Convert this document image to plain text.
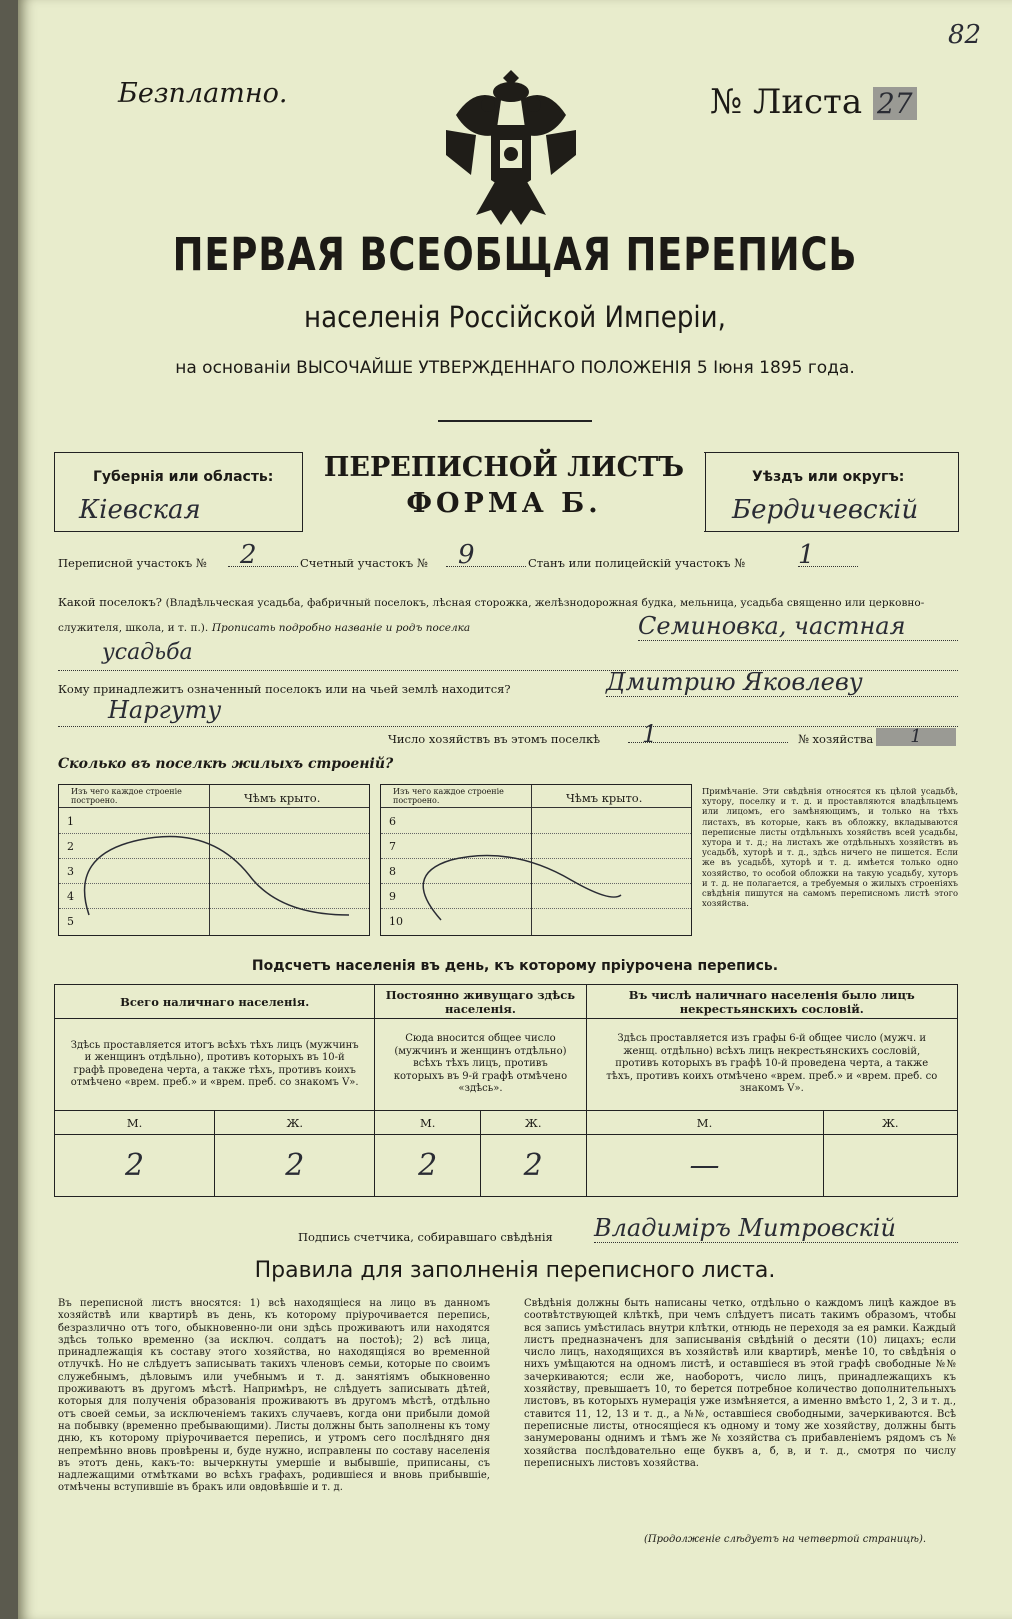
82
Безплатно.	№ Листа 27
ПЕРВАЯ ВСЕОБЩАЯ ПЕРЕПИСЬ
населенія Россійской Имперіи,
на основаніи ВЫСОЧАЙШЕ УТВЕРЖДЕННАГО ПОЛОЖЕНІЯ 5 Іюня 1895 года.
Губернія или область:
Кіевская
ПЕРЕПИСНОЙ ЛИСТЪ
ФОРМА Б.
Уѣздъ или округъ:
Бердичевскій
Переписной участокъ № 2	Счетный участокъ № 9	Станъ или полицейскій участокъ № 1
Какой поселокъ? (Владѣльческая усадьба, фабричный поселокъ, лѣсная сторожка, желѣзнодорожная будка, мельница, усадьба священно или церковно-служителя, школа, и т. п.). Прописать подробно названіе и родъ поселка	Семиновка, частная
усадьба
Кому принадлежитъ означенный поселокъ или на чьей землѣ находится?	Дмитрию Яковлеву
Наргуту
Число хозяйствъ въ этомъ поселкѣ 1	№ хозяйства	1
Сколько въ поселкѣ жилыхъ строеній?
Изъ чего каждое строеніе построено.	Чѣмъ крыто.
1
2
3
4
5
Изъ чего каждое строеніе построено.	Чѣмъ крыто.
6
7
8
9
10
Примѣчаніе. Эти свѣдѣнія относятся къ цѣлой усадьбѣ, хутору, поселку и т. д. и проставляются владѣльцемъ или лицомъ, его замѣняющимъ, и только на тѣхъ листахъ, въ которые, какъ въ обложку, вкладываются переписные листы отдѣльныхъ хозяйствъ всей усадьбы, хутора и т. д.; на листахъ же отдѣльныхъ хозяйствъ въ усадьбѣ, хуторѣ и т. д., здѣсь ничего не пишется. Если же въ усадьбѣ, хуторѣ и т. д. имѣется только одно хозяйство, то особой обложки на такую усадьбу, хуторъ и т. д. не полагается, а требуемыя о жилыхъ строеніяхъ свѣдѣнія пишутся на самомъ переписномъ листѣ этого хозяйства.
Подсчетъ населенія въ день, къ которому пріурочена перепись.
Всего наличнаго населенія.		Постоянно живущаго здѣсь населенія.		Въ числѣ наличнаго населенія было лицъ некрестьянскихъ сословій.	
Здѣсь проставляется итогъ всѣхъ тѣхъ лицъ (мужчинъ и женщинъ отдѣльно), противъ которыхъ въ 10-й графѣ проведена черта, а также тѣхъ, противъ коихъ отмѣчено «врем. преб.» и «врем. преб. со знакомъ V».		Сюда вносится общее число (мужчинъ и женщинъ отдѣльно) всѣхъ тѣхъ лицъ, противъ которыхъ въ 9-й графѣ отмѣчено «здѣсь».		Здѣсь проставляется изъ графы 6-й общее число (мужч. и женщ. отдѣльно) всѣхъ лицъ некрестьянскихъ сословій, противъ которыхъ въ графѣ 10-й проведена черта, а также тѣхъ, противъ коихъ отмѣчено «врем. преб.» и «врем. преб. со знакомъ V».	
М.	Ж.	М.	Ж.	М.	Ж.
2	2	2	2	—	
Подпись счетчика, собиравшаго свѣдѣнія Владиміръ Митровскій
Правила для заполненія переписного листа.
Въ переписной листъ вносятся: 1) всѣ находящіеся на лицо въ данномъ хозяйствѣ или квартирѣ въ день, къ которому пріурочивается перепись, безразлично отъ того, обыкновенно-ли они здѣсь проживаютъ или находятся здѣсь только временно (за исключ. солдатъ на постоѣ); 2) всѣ лица, принадлежащія къ составу этого хозяйства, но находящіяся во временной отлучкѣ. Но не слѣдуетъ записывать такихъ членовъ семьи, которые по своимъ служебнымъ, дѣловымъ или учебнымъ и т. д. занятіямъ обыкновенно проживаютъ въ другомъ мѣстѣ. Напримѣръ, не слѣдуетъ записывать дѣтей, которыя для полученія образованія проживаютъ въ другомъ мѣстѣ, отдѣльно отъ своей семьи, за исключеніемъ такихъ случаевъ, когда они прибыли домой на побывку (временно пребывающими). Листы должны быть заполнены къ тому дню, къ которому пріурочивается перепись, и утромъ сего послѣдняго дня непремѣнно вновь провѣрены и, буде нужно, исправлены по составу населенія въ этотъ день, какъ-то: вычеркнуты умершіе и выбывшіе, приписаны, съ надлежащими отмѣтками во всѣхъ графахъ, родившіеся и вновь прибывшіе, отмѣчены вступившіе въ бракъ или овдовѣвшіе и т. д.
Свѣдѣнія должны быть написаны четко, отдѣльно о каждомъ лицѣ каждое въ соотвѣтствующей клѣткѣ, при чемъ слѣдуетъ писать такимъ образомъ, чтобы вся запись умѣстилась внутри клѣтки, отнюдь не переходя за ея рамки. Каждый листъ предназначенъ для записыванія свѣдѣній о десяти (10) лицахъ; если число лицъ, находящихся въ хозяйствѣ или квартирѣ, менѣе 10, то свѣдѣнія о нихъ умѣщаются на одномъ листѣ, и оставшіеся въ этой графѣ свободные №№ зачеркиваются; если же, наоборотъ, число лицъ, принадлежащихъ къ хозяйству, превышаетъ 10, то берется потребное количество дополнительныхъ листовъ, въ которыхъ нумерація уже измѣняется, а именно вмѣсто 1, 2, 3 и т. д., ставится 11, 12, 13 и т. д., а №№, оставшіеся свободными, зачеркиваются. Всѣ переписные листы, относящіеся къ одному и тому же хозяйству, должны быть занумерованы однимъ и тѣмъ же № хозяйства съ прибавленіемъ рядомъ съ № хозяйства послѣдовательно еще буквъ а, б, в, и т. д., смотря по числу переписныхъ листовъ хозяйства.
(Продолженіе слѣдуетъ на четвертой страницѣ).
